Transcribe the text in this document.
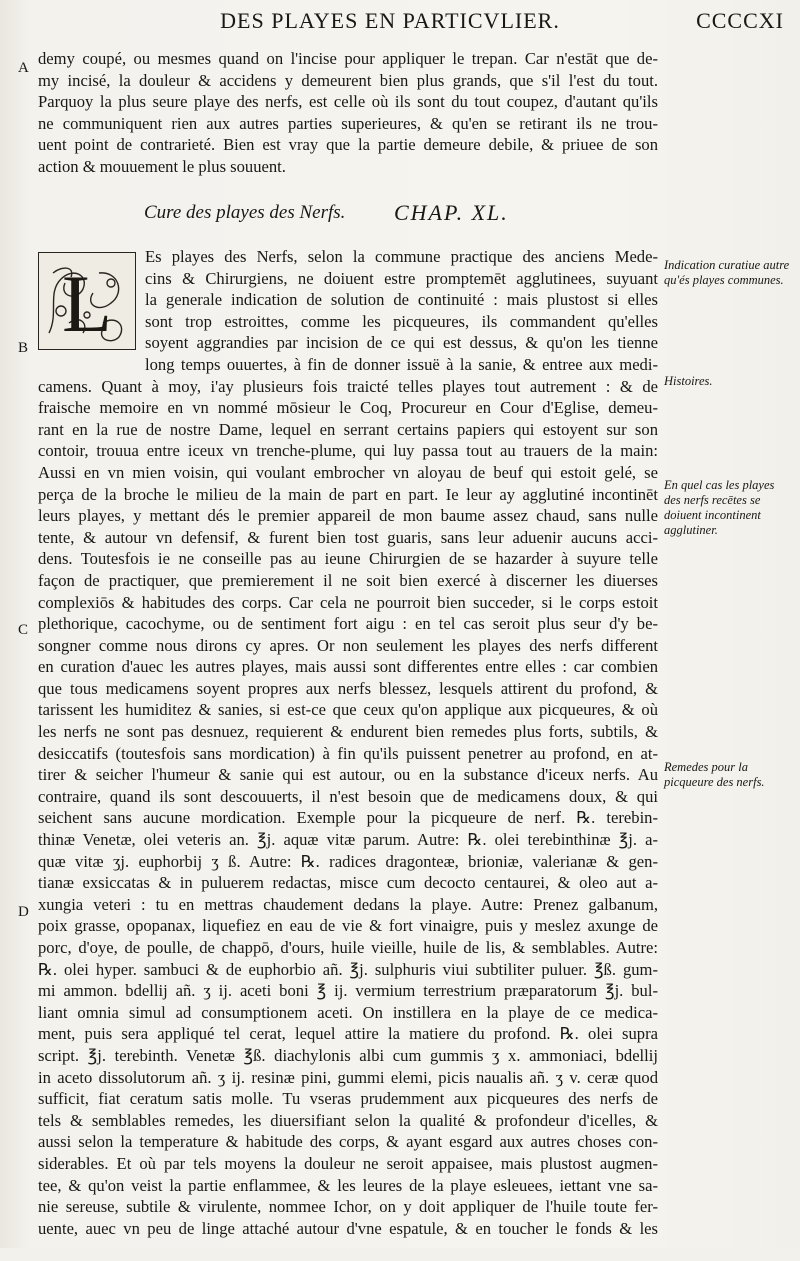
DES PLAYES EN PARTICVLIER.	CCCCXI
A
B
C
D
demy coupé, ou mesmes quand on l'incise pour appliquer le trepan. Car n'estāt que de-
my incisé, la douleur & accidens y demeurent bien plus grands, que s'il l'est du tout.
Parquoy la plus seure playe des nerfs, est celle où ils sont du tout coupez, d'autant qu'ils
ne communiquent rien aux autres parties superieures, & qu'en se retirant ils ne trou-
uent point de contrarieté. Bien est vray que la partie demeure debile, & priuee de son
action & mouuement le plus souuent.
Cure des playes des Nerfs. CHAP. XL.
L
Es playes des Nerfs, selon la commune practique des anciens Mede-
cins & Chirurgiens, ne doiuent estre promptemēt agglutinees, suyuant
la generale indication de solution de continuité : mais plustost si elles
sont trop estroittes, comme les picqueures, ils commandent qu'elles
soyent aggrandies par incision de ce qui est dessus, & qu'on les tienne
long temps ouuertes, à fin de donner issuë à la sanie, & entree aux medi-
camens. Quant à moy, i'ay plusieurs fois traicté telles playes tout autrement : & de
fraische memoire en vn nommé mōsieur le Coq, Procureur en Cour d'Eglise, demeu-
rant en la rue de nostre Dame, lequel en serrant certains papiers qui estoyent sur son
contoir, trouua entre iceux vn trenche-plume, qui luy passa tout au trauers de la main:
Aussi en vn mien voisin, qui voulant embrocher vn aloyau de beuf qui estoit gelé, se
perça de la broche le milieu de la main de part en part. Ie leur ay agglutiné incontinēt
leurs playes, y mettant dés le premier appareil de mon baume assez chaud, sans nulle
tente, & autour vn defensif, & furent bien tost guaris, sans leur aduenir aucuns acci-
dens. Toutesfois ie ne conseille pas au ieune Chirurgien de se hazarder à suyure telle
façon de practiquer, que premierement il ne soit bien exercé à discerner les diuerses
complexiōs & habitudes des corps. Car cela ne pourroit bien succeder, si le corps estoit
plethorique, cacochyme, ou de sentiment fort aigu : en tel cas seroit plus seur d'y be-
songner comme nous dirons cy apres. Or non seulement les playes des nerfs different
en curation d'auec les autres playes, mais aussi sont differentes entre elles : car combien
que tous medicamens soyent propres aux nerfs blessez, lesquels attirent du profond, &
tarissent les humiditez & sanies, si est-ce que ceux qu'on applique aux picqueures, & où
les nerfs ne sont pas desnuez, requierent & endurent bien remedes plus forts, subtils, &
desiccatifs (toutesfois sans mordication) à fin qu'ils puissent penetrer au profond, en at-
tirer & seicher l'humeur & sanie qui est autour, ou en la substance d'iceux nerfs. Au
contraire, quand ils sont descouuerts, il n'est besoin que de medicamens doux, & qui
seichent sans aucune mordication. Exemple pour la picqueure de nerf. ℞. terebin-
thinæ Venetæ, olei veteris an. ℥j. aquæ vitæ parum. Autre: ℞. olei terebinthinæ ℥j. a-
quæ vitæ ʒj. euphorbij ʒ ß. Autre: ℞. radices dragonteæ, brioniæ, valerianæ & gen-
tianæ exsiccatas & in puluerem redactas, misce cum decocto centaurei, & oleo aut a-
xungia veteri : tu en mettras chaudement dedans la playe. Autre: Prenez galbanum,
poix grasse, opopanax, liquefiez en eau de vie & fort vinaigre, puis y meslez axunge de
porc, d'oye, de poulle, de chappō, d'ours, huile vieille, huile de lis, & semblables. Autre:
℞. olei hyper. sambuci & de euphorbio añ. ℥j. sulphuris viui subtiliter puluer. ℥ß. gum-
mi ammon. bdellij añ. ʒ ij. aceti boni ℥ ij. vermium terrestrium præparatorum ℥j. bul-
liant omnia simul ad consumptionem aceti. On instillera en la playe de ce medica-
ment, puis sera appliqué tel cerat, lequel attire la matiere du profond. ℞. olei supra
script. ℥j. terebinth. Venetæ ℥ß. diachylonis albi cum gummis ʒ x. ammoniaci, bdellij
in aceto dissolutorum añ. ʒ ij. resinæ pini, gummi elemi, picis naualis añ. ʒ v. ceræ quod
sufficit, fiat ceratum satis molle. Tu vseras prudemment aux picqueures des nerfs de
tels & semblables remedes, les diuersifiant selon la qualité & profondeur d'icelles, &
aussi selon la temperature & habitude des corps, & ayant esgard aux autres choses con-
siderables. Et où par tels moyens la douleur ne seroit appaisee, mais plustost augmen-
tee, & qu'on veist la partie enflammee, & les leures de la playe esleuees, iettant vne sa-
nie sereuse, subtile & virulente, nommee Ichor, on y doit appliquer de l'huile toute fer-
uente, auec vn peu de linge attaché autour d'vne espatule, & en toucher le fonds & les
Indication curatiue autre qu'és playes communes.
Histoires.
En quel cas les playes des nerfs recētes se doiuent incontinent agglutiner.
Remedes pour la picqueure des nerfs.
